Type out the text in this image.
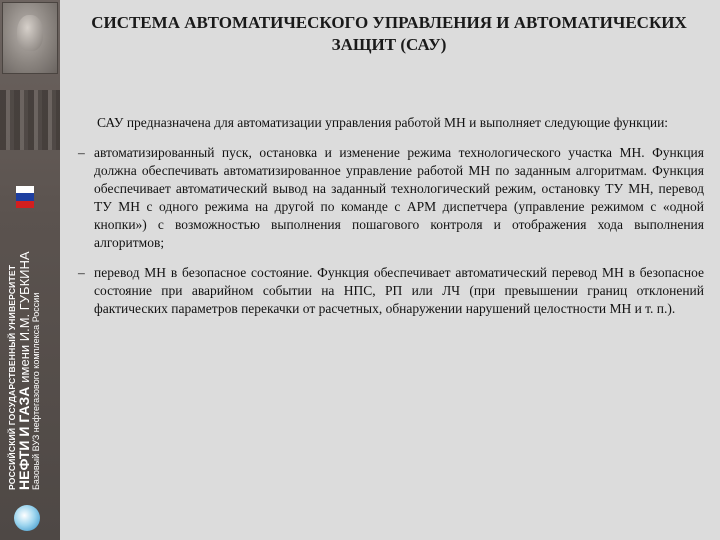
РОССИЙСКИЙ ГОСУДАРСТВЕННЫЙ УНИВЕРСИТЕТ
НЕФТИ И ГАЗА имени И.М. ГУБКИНА
Базовый ВУЗ нефтегазового комплекса России
СИСТЕМА АВТОМАТИЧЕСКОГО УПРАВЛЕНИЯ И АВТОМАТИЧЕСКИХ ЗАЩИТ (САУ)

САУ предназначена для автоматизации управления работой МН и выполняет следующие функции:

– автоматизированный пуск, остановка и изменение режима технологического участка МН. Функция должна обеспечивать автоматизированное управление работой МН по заданным алгоритмам. Функция обеспечивает автоматический вывод на заданный технологический режим, остановку ТУ МН, перевод ТУ МН с одного режима на другой по команде с АРМ диспетчера (управление режимом с «одной кнопки») с возможностью выполнения пошагового контроля и отображения хода выполнения алгоритмов;
– перевод МН в безопасное состояние. Функция обеспечивает автоматический перевод МН в безопасное состояние при аварийном событии на НПС, РП или ЛЧ (при превышении границ отклонений фактических параметров перекачки от расчетных, обнаружении нарушений целостности МН и т. п.).
